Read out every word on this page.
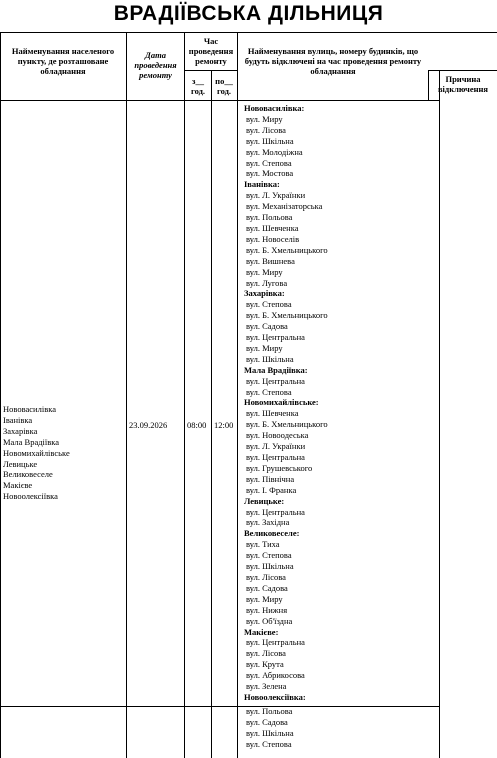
ВРАДІЇВСЬКА ДІЛЬНИЦЯ
Найменування населеного пункту, де розташоване обладнання
Дата проведення ремонту
Час проведення ремонту
з__ год.
по__ год.
Найменування вулиць, номеру будинків, що будуть відключені на час проведення ремонту обладнання
Причина відключення
Нововасилівка
Іванівка
Захарівка
Мала Врадіївка
Новомихайлівське
Левицьке
Великовеселе
Макієве
Новоолексіївка
23.09.2026 08:00 12:00
Нововасилівка:
вул. Миру
вул. Лісова
вул. Шкільна
вул. Молодіжна
вул. Степова
вул. Мостова
Іванівка:
вул. Л. Українки
вул. Механізаторська
вул. Польова
вул. Шевченка
вул. Новоселів
вул. Б. Хмельницького
вул. Вишнева
вул. Миру
вул. Лугова
Захарівка:
вул. Степова
вул. Б. Хмельницького
вул. Садова
вул. Центральна
вул. Миру
вул. Шкільна
Мала Врадіївка:
вул. Центральна
вул. Степова
Новомихайлівське:
вул. Шевченка
вул. Б. Хмельницького
вул. Новоодеська
вул. Л. Українки
вул. Центральна
вул. Грушевського
вул. Північна
вул. І. Франка
Левицьке:
вул. Центральна
вул. Західна
Великовеселе:
вул. Тиха
вул. Степова
вул. Шкільна
вул. Лісова
вул. Садова
вул. Миру
вул. Нижня
вул. Об'їздна
Макієве:
вул. Центральна
вул. Лісова
вул. Крута
вул. Абрикосова
вул. Зелена
Новоолексіївка:
вул. Польова
вул. Садова
вул. Шкільна
вул. Степова
